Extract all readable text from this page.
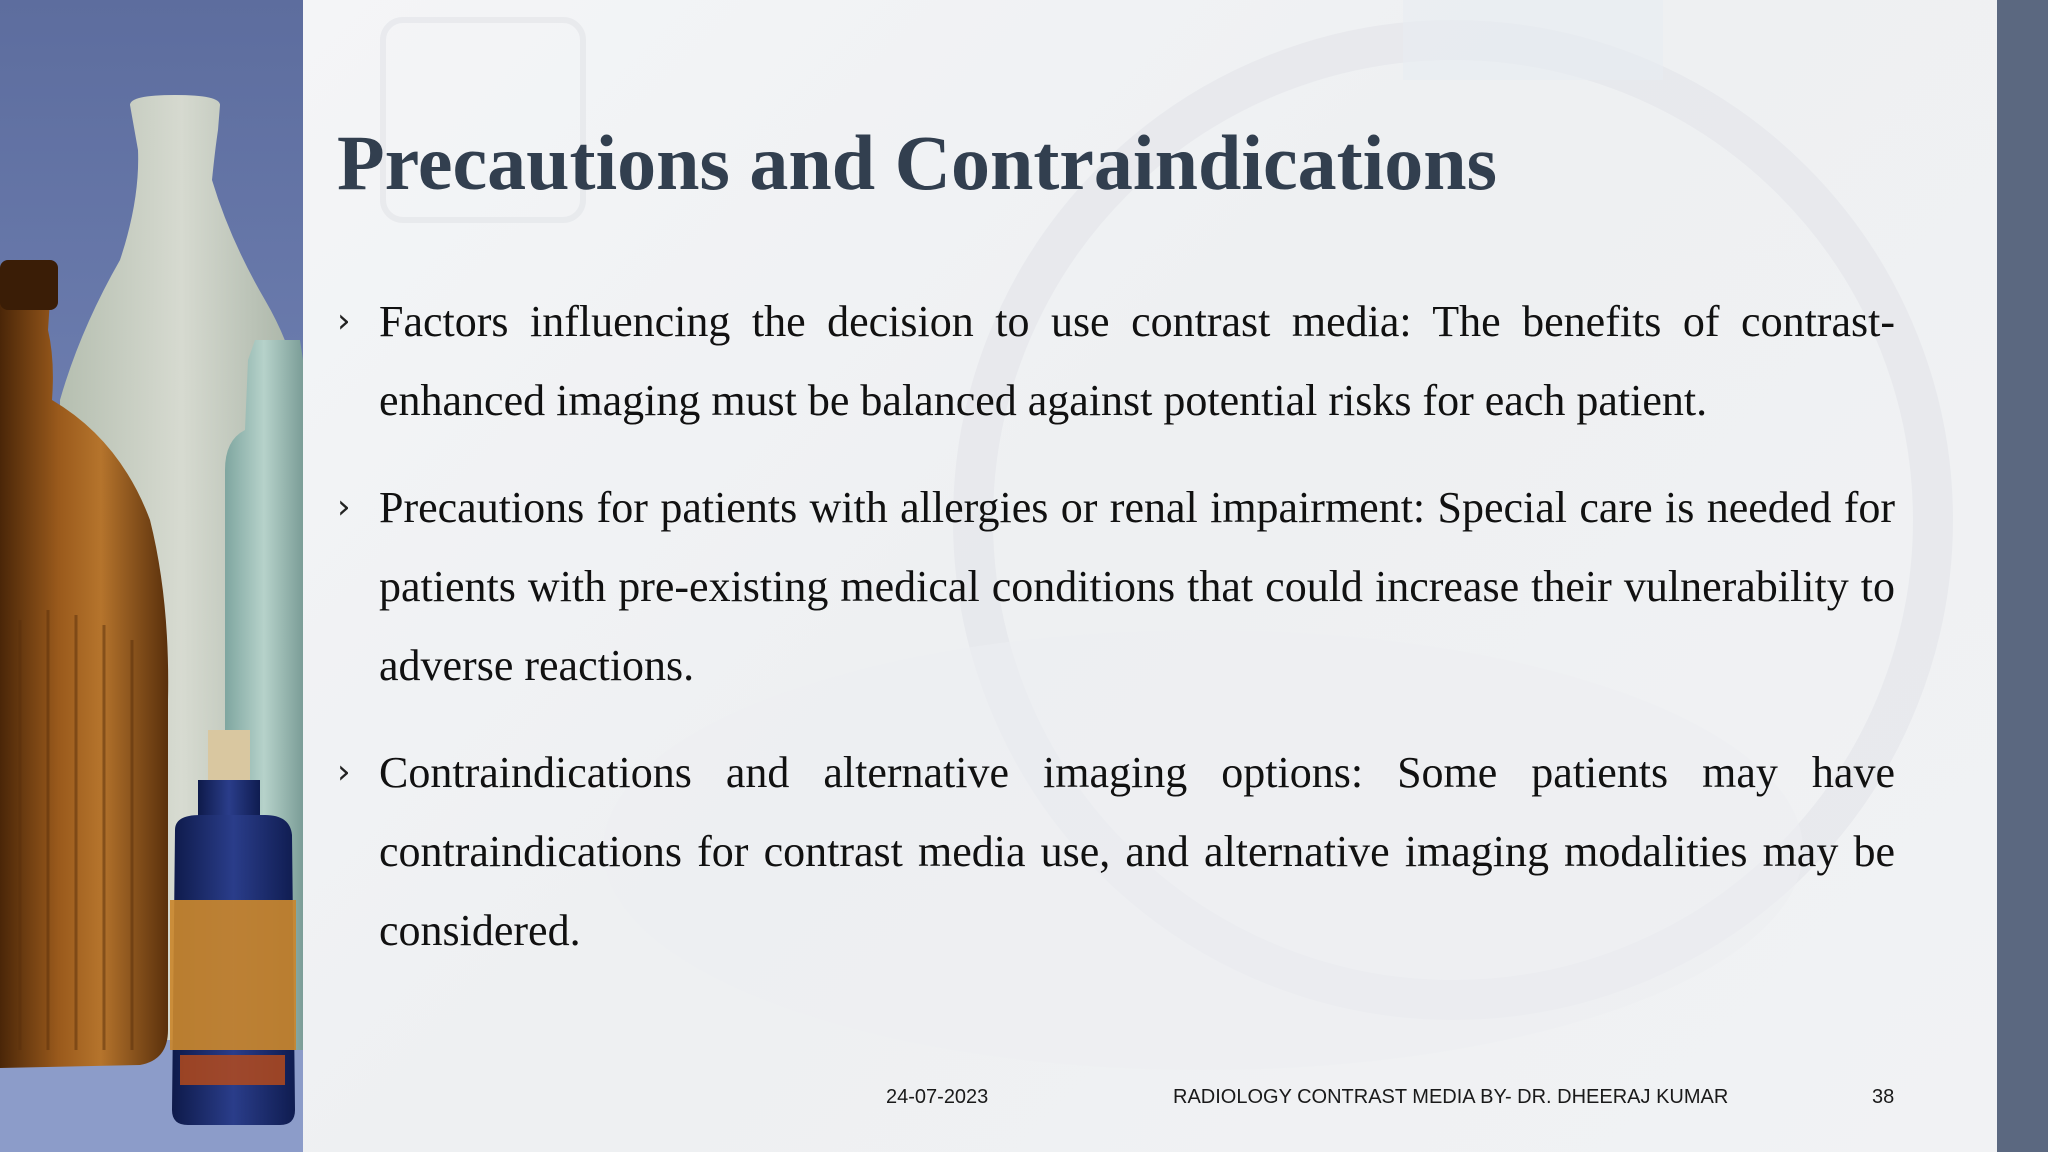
Precautions and Contraindications
› Factors influencing the decision to use contrast media: The benefits of contrast-enhanced imaging must be balanced against potential risks for each patient.
› Precautions for patients with allergies or renal impairment: Special care is needed for patients with pre-existing medical conditions that could increase their vulnerability to adverse reactions.
› Contraindications and alternative imaging options: Some patients may have contraindications for contrast media use, and alternative imaging modalities may be considered.
24-07-2023	RADIOLOGY CONTRAST MEDIA BY- DR. DHEERAJ KUMAR	38
